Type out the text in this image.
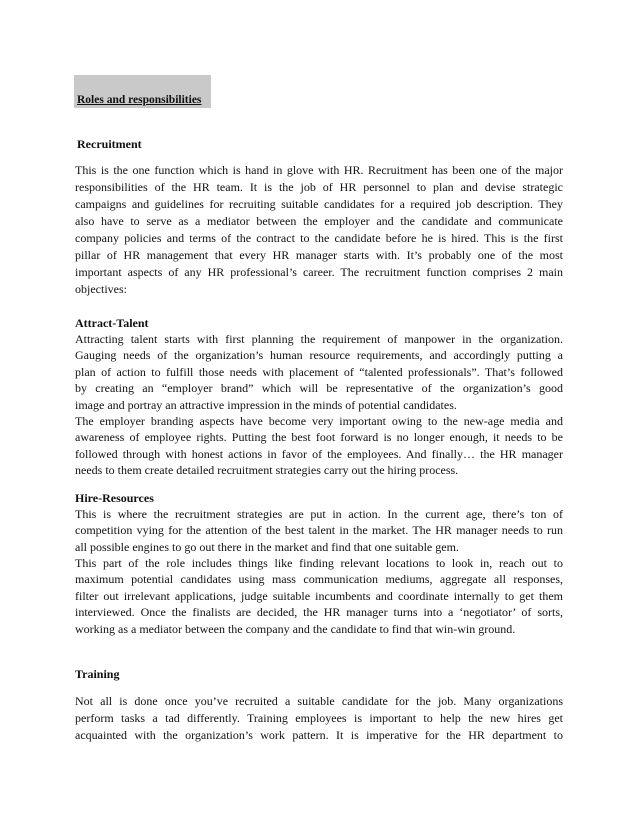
Roles and responsibilities
Recruitment
This is the one function which is hand in glove with HR. Recruitment has been one of the major
responsibilities of the HR team. It is the job of HR personnel to plan and devise strategic
campaigns and guidelines for recruiting suitable candidates for a required job description. They
also have to serve as a mediator between the employer and the candidate and communicate
company policies and terms of the contract to the candidate before he is hired. This is the first
pillar of HR management that every HR manager starts with. It’s probably one of the most
important aspects of any HR professional’s career. The recruitment function comprises 2 main
objectives:
Attract-Talent
Attracting talent starts with first planning the requirement of manpower in the organization.
Gauging needs of the organization’s human resource requirements, and accordingly putting a
plan of action to fulfill those needs with placement of “talented professionals”. That’s followed
by creating an “employer brand” which will be representative of the organization’s good
image and portray an attractive impression in the minds of potential candidates.
The employer branding aspects have become very important owing to the new-age media and
awareness of employee rights. Putting the best foot forward is no longer enough, it needs to be
followed through with honest actions in favor of the employees. And finally… the HR manager
needs to them create detailed recruitment strategies carry out the hiring process.
Hire-Resources
This is where the recruitment strategies are put in action. In the current age, there’s ton of
competition vying for the attention of the best talent in the market. The HR manager needs to run
all possible engines to go out there in the market and find that one suitable gem.
This part of the role includes things like finding relevant locations to look in, reach out to
maximum potential candidates using mass communication mediums, aggregate all responses,
filter out irrelevant applications, judge suitable incumbents and coordinate internally to get them
interviewed. Once the finalists are decided, the HR manager turns into a ‘negotiator’ of sorts,
working as a mediator between the company and the candidate to find that win-win ground.
Training
Not all is done once you’ve recruited a suitable candidate for the job. Many organizations
perform tasks a tad differently. Training employees is important to help the new hires get
acquainted with the organization’s work pattern. It is imperative for the HR department to
